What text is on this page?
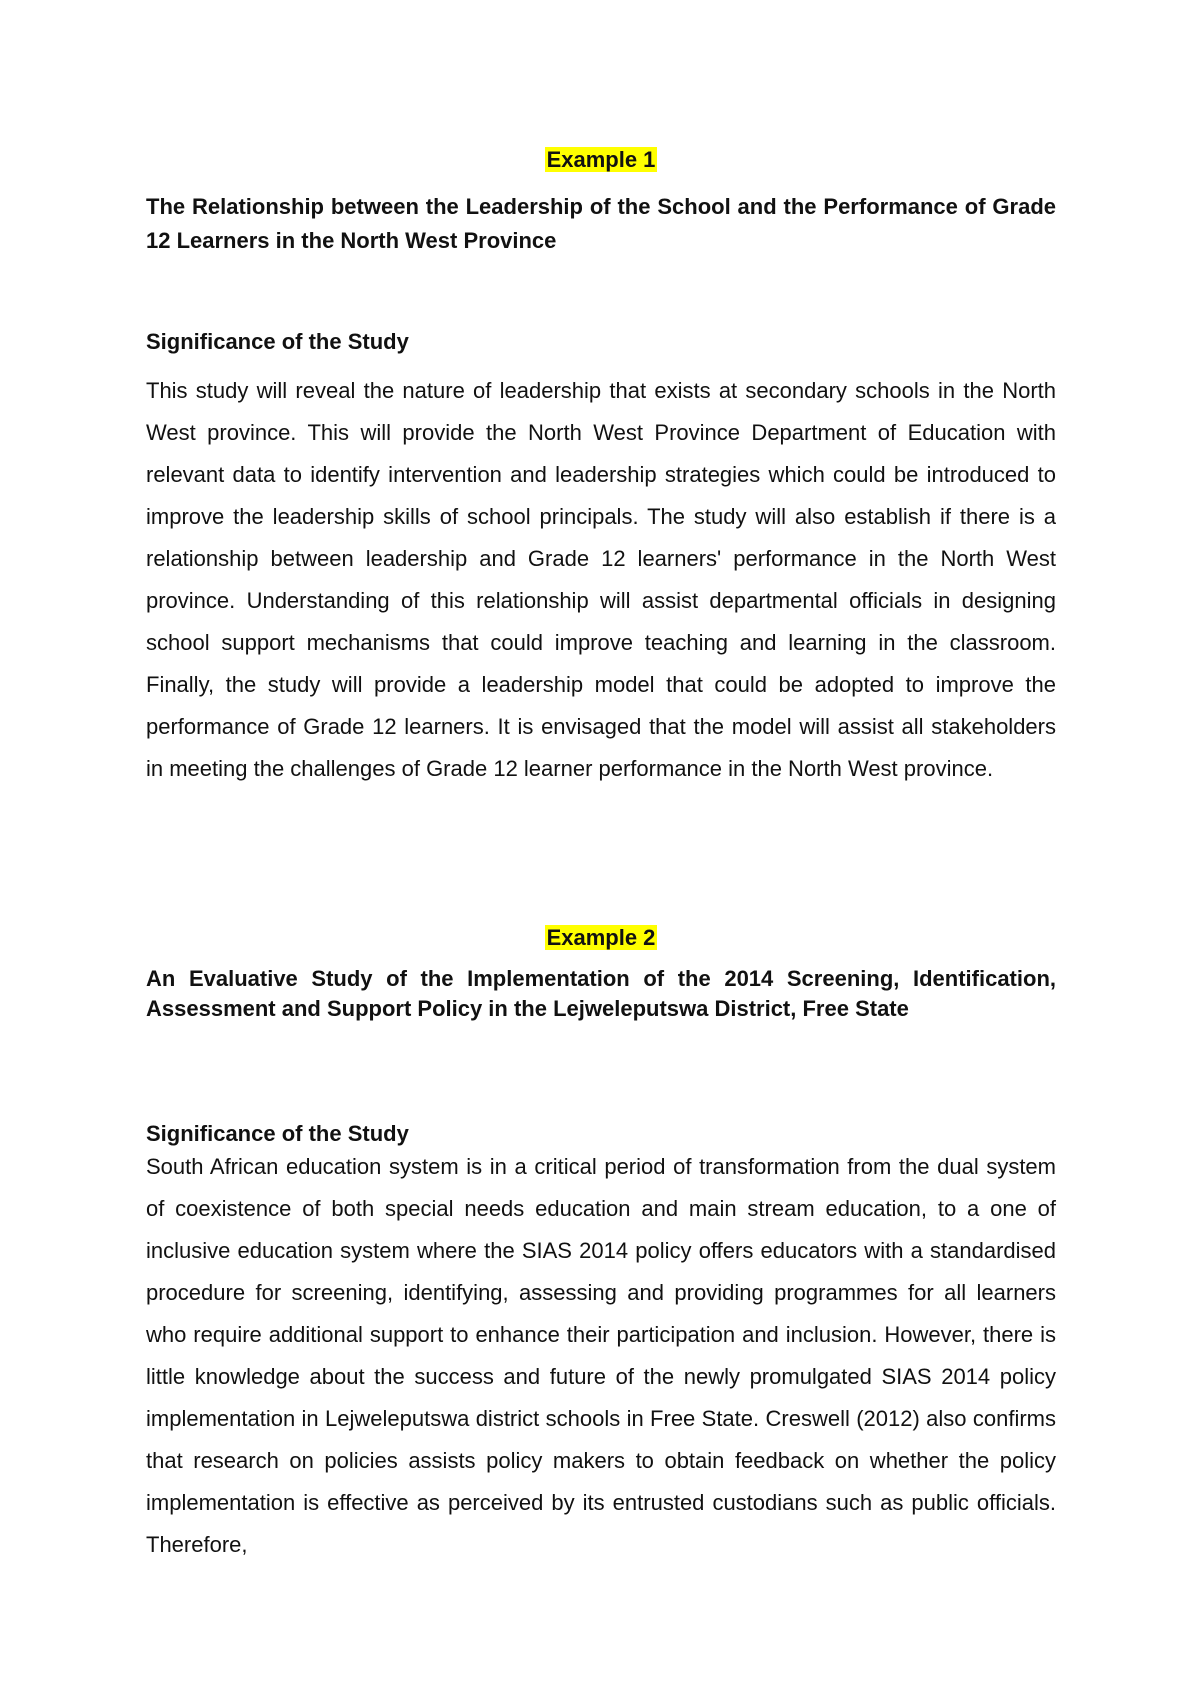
Example 1
The Relationship between the Leadership of the School and the Performance of Grade 12 Learners in the North West Province
Significance of the Study
This study will reveal the nature of leadership that exists at secondary schools in the North West province. This will provide the North West Province Department of Education with relevant data to identify intervention and leadership strategies which could be introduced to improve the leadership skills of school principals. The study will also establish if there is a relationship between leadership and Grade 12 learners' performance in the North West province. Understanding of this relationship will assist departmental officials in designing school support mechanisms that could improve teaching and learning in the classroom. Finally, the study will provide a leadership model that could be adopted to improve the performance of Grade 12 learners. It is envisaged that the model will assist all stakeholders in meeting the challenges of Grade 12 learner performance in the North West province.
Example 2
An Evaluative Study of the Implementation of the 2014 Screening, Identification, Assessment and Support Policy in the Lejweleputswa District, Free State
Significance of the Study
South African education system is in a critical period of transformation from the dual system of coexistence of both special needs education and main stream education, to a one of inclusive education system where the SIAS 2014 policy offers educators with a standardised procedure for screening, identifying, assessing and providing programmes for all learners who require additional support to enhance their participation and inclusion. However, there is little knowledge about the success and future of the newly promulgated SIAS 2014 policy implementation in Lejweleputswa district schools in Free State. Creswell (2012) also confirms that research on policies assists policy makers to obtain feedback on whether the policy implementation is effective as perceived by its entrusted custodians such as public officials. Therefore,
